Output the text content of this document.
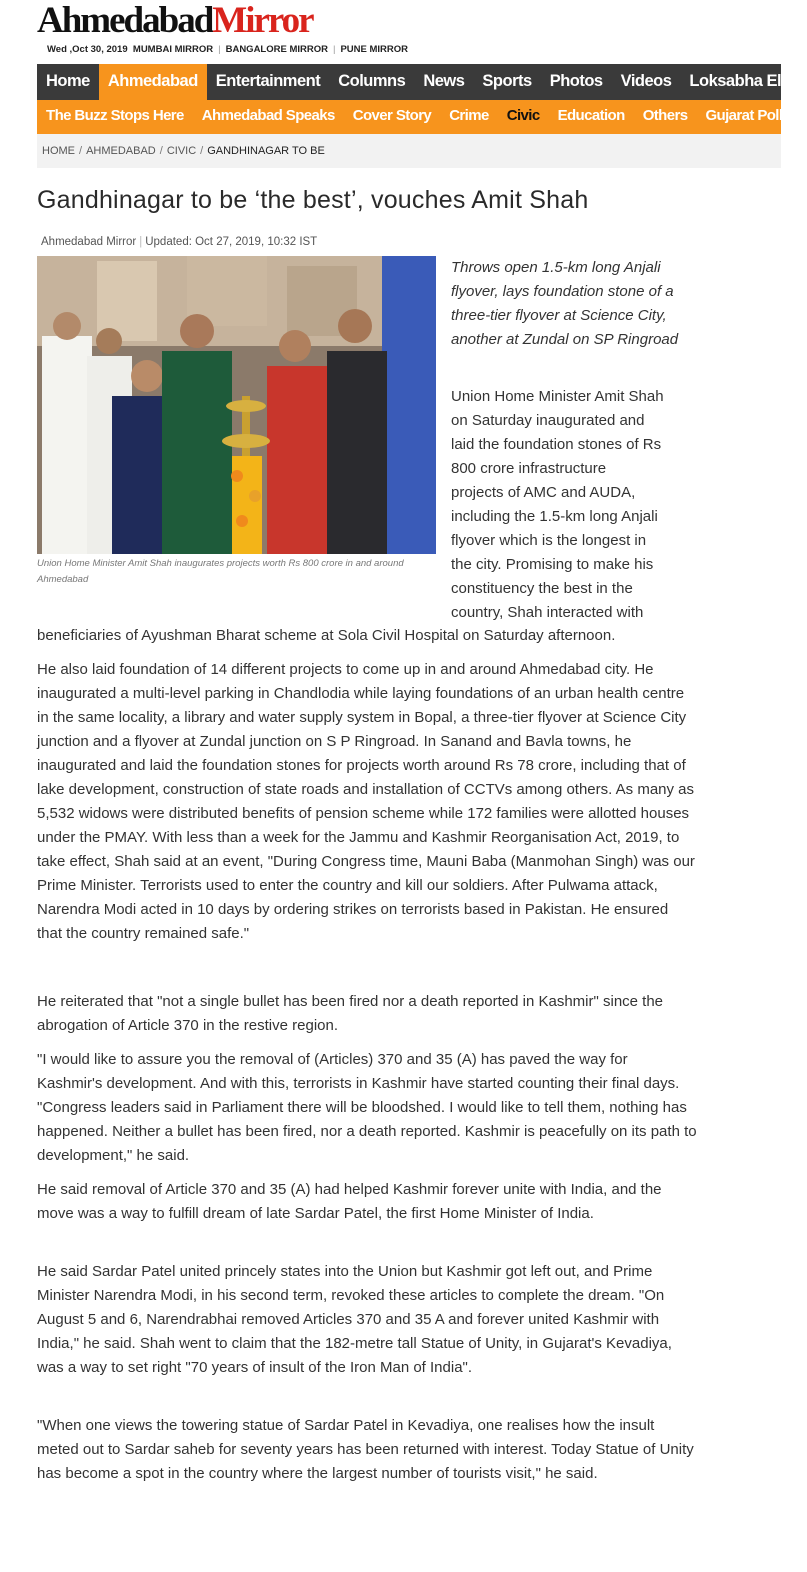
AhmedabadMirror
Wed ,Oct 30, 2019 MUMBAI MIRROR | BANGALORE MIRROR | PUNE MIRROR
Home Ahmedabad Entertainment Columns News Sports Photos Videos Loksabha Elec
The Buzz Stops Here Ahmedabad Speaks Cover Story Crime Civic Education Others Gujarat Polls
HOME / AHMEDABAD / CIVIC / GANDHINAGAR TO BE
Gandhinagar to be ‘the best’, vouches Amit Shah
Ahmedabad Mirror | Updated: Oct 27, 2019, 10:32 IST
Union Home Minister Amit Shah inaugurates projects worth Rs 800 crore in and around Ahmedabad
Throws open 1.5-km long Anjali flyover, lays foundation stone of a three-tier flyover at Science City, another at Zundal on SP Ringroad
Union Home Minister Amit Shah
on Saturday inaugurated and
laid the foundation stones of Rs
800 crore infrastructure
projects of AMC and AUDA,
including the 1.5-km long Anjali
flyover which is the longest in
the city. Promising to make his
constituency the best in the
country, Shah interacted with
beneficiaries of Ayushman Bharat scheme at Sola Civil Hospital on Saturday afternoon.

He also laid foundation of 14 different projects to come up in and around Ahmedabad city. He inaugurated a multi-level parking in Chandlodia while laying foundations of an urban health centre in the same locality, a library and water supply system in Bopal, a three-tier flyover at Science City junction and a flyover at Zundal junction on S P Ringroad. In Sanand and Bavla towns, he inaugurated and laid the foundation stones for projects worth around Rs 78 crore, including that of lake development, construction of state roads and installation of CCTVs among others. As many as 5,532 widows were distributed benefits of pension scheme while 172 families were allotted houses under the PMAY. With less than a week for the Jammu and Kashmir Reorganisation Act, 2019, to take effect, Shah said at an event, "During Congress time, Mauni Baba (Manmohan Singh) was our Prime Minister. Terrorists used to enter the country and kill our soldiers. After Pulwama attack, Narendra Modi acted in 10 days by ordering strikes on terrorists based in Pakistan. He ensured that the country remained safe."

He reiterated that "not a single bullet has been fired nor a death reported in Kashmir" since the abrogation of Article 370 in the restive region.

"I would like to assure you the removal of (Articles) 370 and 35 (A) has paved the way for Kashmir's development. And with this, terrorists in Kashmir have started counting their final days. "Congress leaders said in Parliament there will be bloodshed. I would like to tell them, nothing has happened. Neither a bullet has been fired, nor a death reported. Kashmir is peacefully on its path to development," he said.

He said removal of Article 370 and 35 (A) had helped Kashmir forever unite with India, and the move was a way to fulfill dream of late Sardar Patel, the first Home Minister of India.

He said Sardar Patel united princely states into the Union but Kashmir got left out, and Prime Minister Narendra Modi, in his second term, revoked these articles to complete the dream. "On August 5 and 6, Narendrabhai removed Articles 370 and 35 A and forever united Kashmir with India," he said. Shah went to claim that the 182-metre tall Statue of Unity, in Gujarat's Kevadiya, was a way to set right "70 years of insult of the Iron Man of India".

"When one views the towering statue of Sardar Patel in Kevadiya, one realises how the insult meted out to Sardar saheb for seventy years has been returned with interest. Today Statue of Unity has become a spot in the country where the largest number of tourists visit," he said.
